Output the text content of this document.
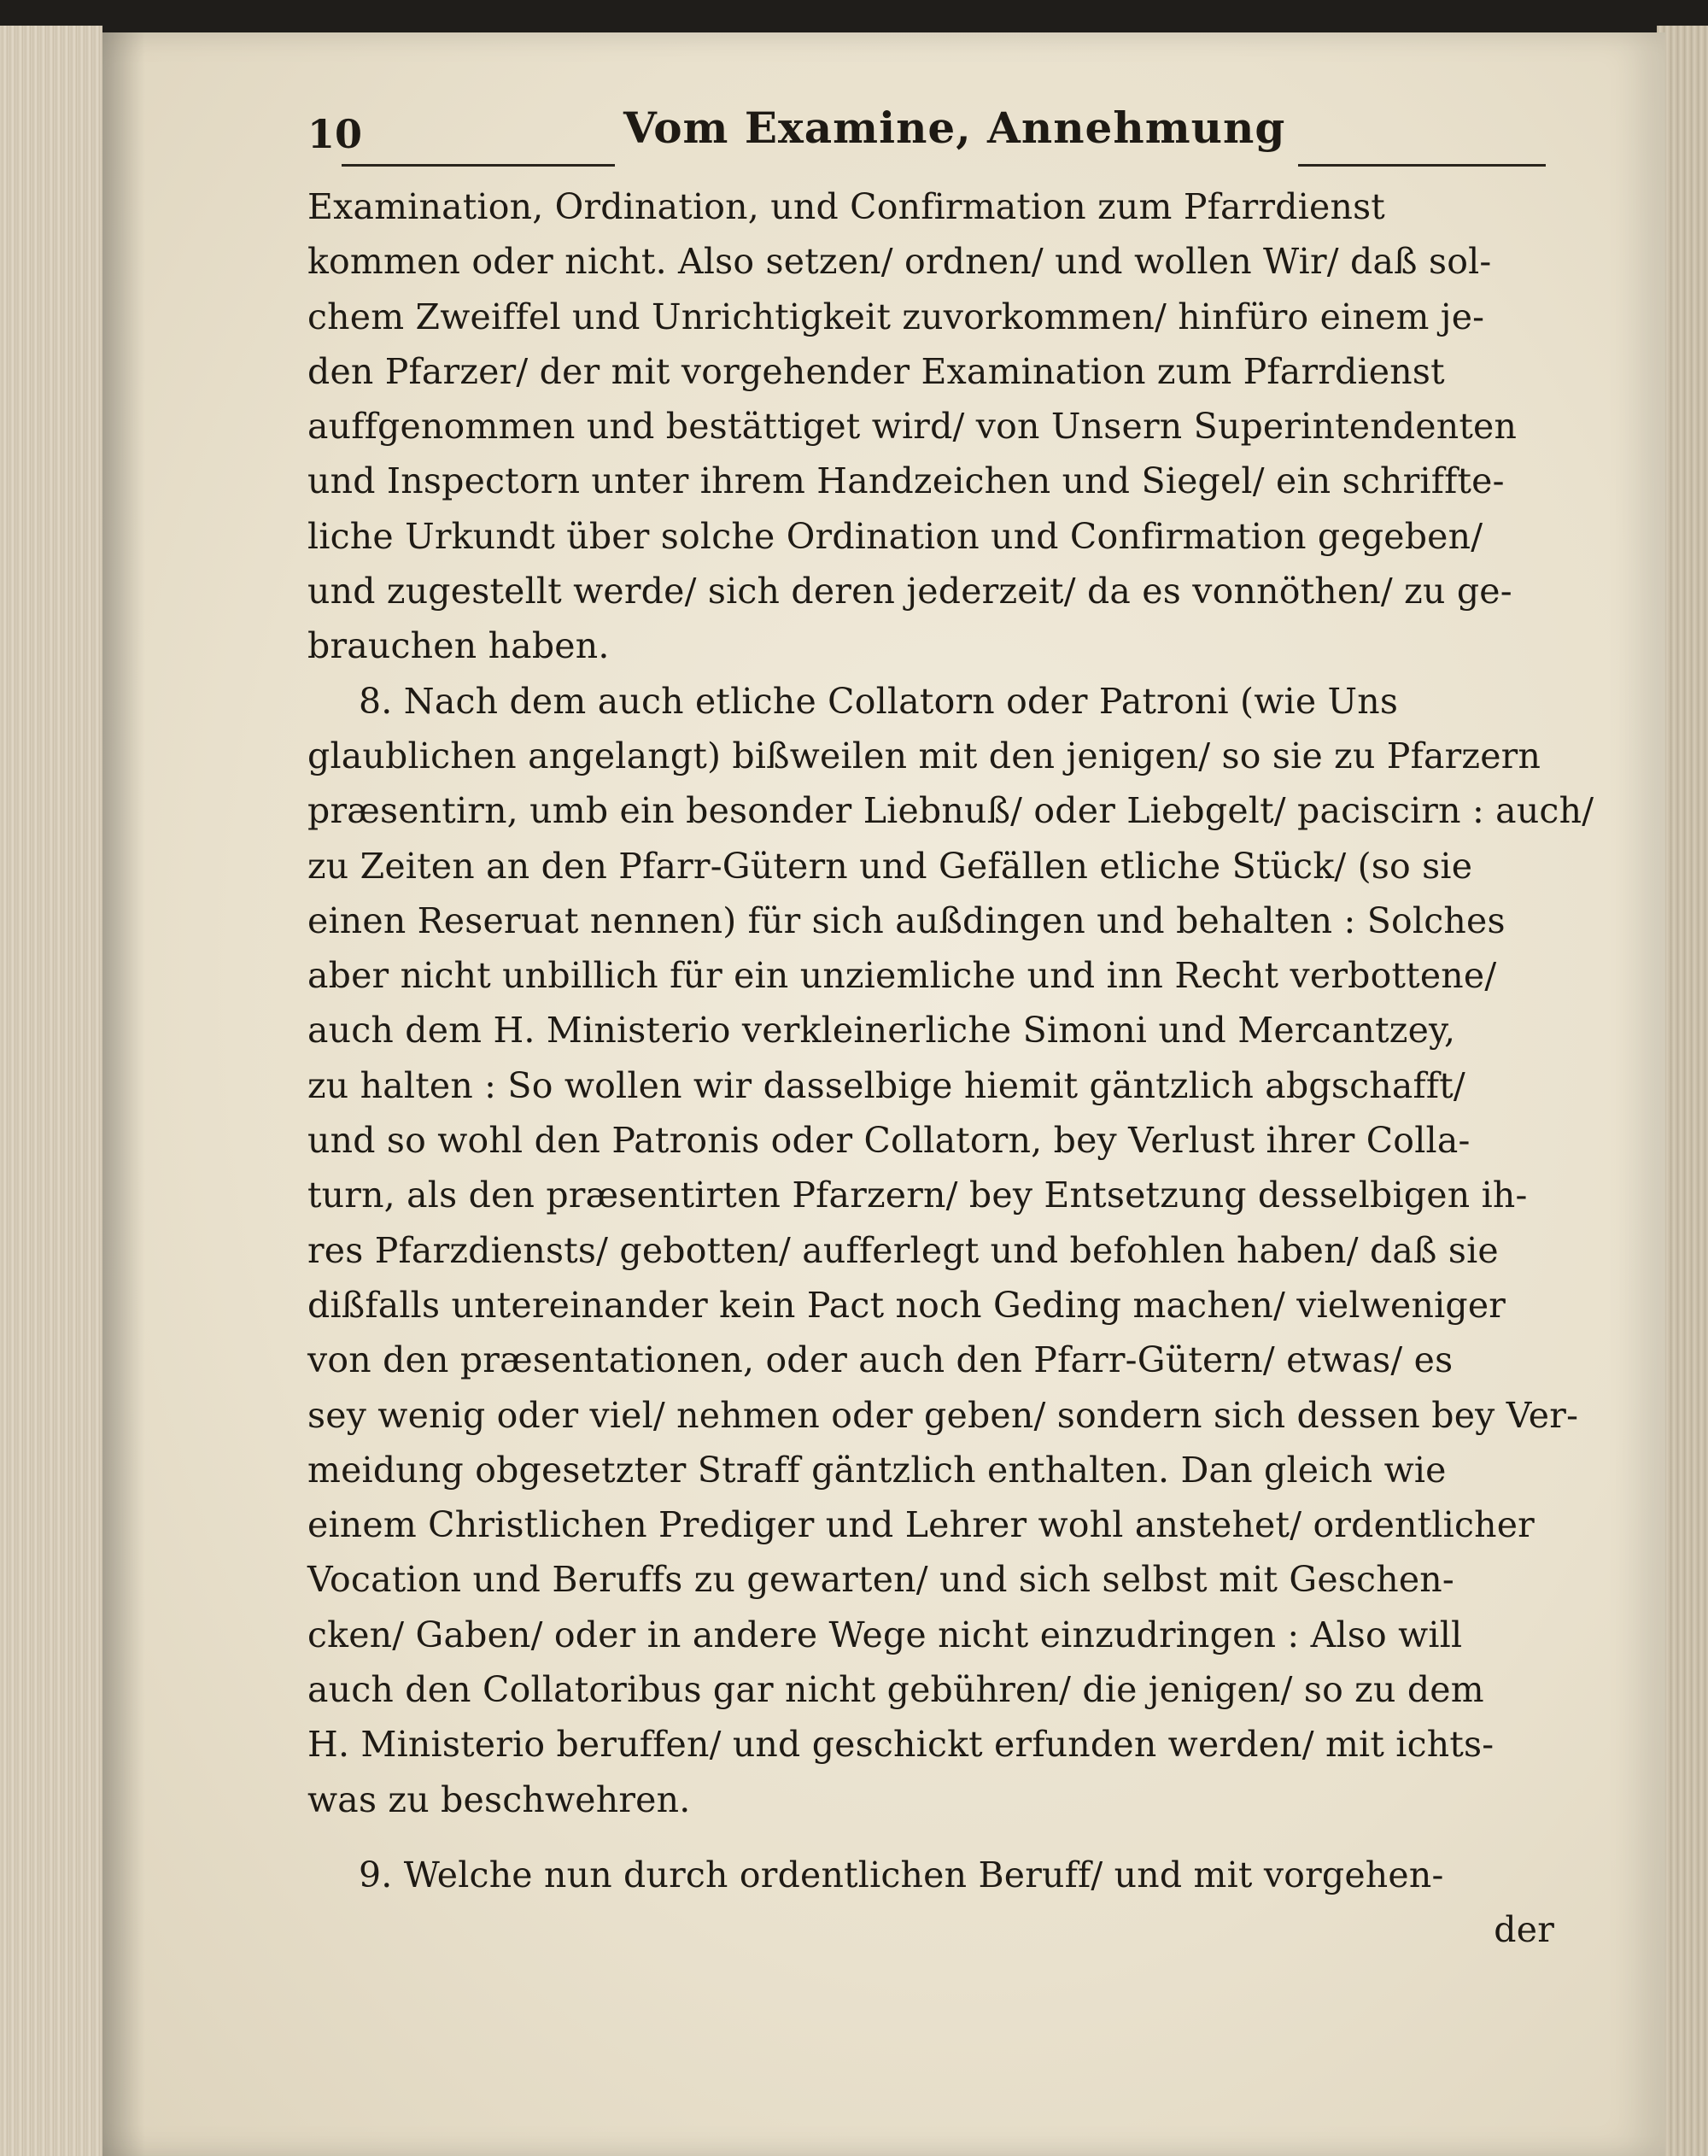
10	Vom Examine, Annehmung
Examination, Ordination, und Confirmation zum Pfarrdienst
kommen oder nicht. Also setzen/ ordnen/ und wollen Wir/ daß sol-
chem Zweiffel und Unrichtigkeit zuvorkommen/ hinfüro einem je-
den Pfarzer/ der mit vorgehender Examination zum Pfarrdienst
auffgenommen und bestättiget wird/ von Unsern Superintendenten
und Inspectorn unter ihrem Handzeichen und Siegel/ ein schriffte-
liche Urkundt über solche Ordination und Confirmation gegeben/
und zugestellt werde/ sich deren jederzeit/ da es vonnöthen/ zu ge-
brauchen haben.
8. Nach dem auch etliche Collatorn oder Patroni (wie Uns
glaublichen angelangt) bißweilen mit den jenigen/ so sie zu Pfarzern
præsentirn, umb ein besonder Liebnuß/ oder Liebgelt/ paciscirn : auch/
zu Zeiten an den Pfarr-Gütern und Gefällen etliche Stück/ (so sie
einen Reseruat nennen) für sich außdingen und behalten : Solches
aber nicht unbillich für ein unziemliche und inn Recht verbottene/
auch dem H. Ministerio verkleinerliche Simoni und Mercantzey,
zu halten : So wollen wir dasselbige hiemit gäntzlich abgschafft/
und so wohl den Patronis oder Collatorn, bey Verlust ihrer Colla-
turn, als den præsentirten Pfarzern/ bey Entsetzung desselbigen ih-
res Pfarzdiensts/ gebotten/ aufferlegt und befohlen haben/ daß sie
dißfalls untereinander kein Pact noch Geding machen/ vielweniger
von den præsentationen, oder auch den Pfarr-Gütern/ etwas/ es
sey wenig oder viel/ nehmen oder geben/ sondern sich dessen bey Ver-
meidung obgesetzter Straff gäntzlich enthalten. Dan gleich wie
einem Christlichen Prediger und Lehrer wohl anstehet/ ordentlicher
Vocation und Beruffs zu gewarten/ und sich selbst mit Geschen-
cken/ Gaben/ oder in andere Wege nicht einzudringen : Also will
auch den Collatoribus gar nicht gebühren/ die jenigen/ so zu dem
H. Ministerio beruffen/ und geschickt erfunden werden/ mit ichts-
was zu beschwehren.
9. Welche nun durch ordentlichen Beruff/ und mit vorgehen-
der
